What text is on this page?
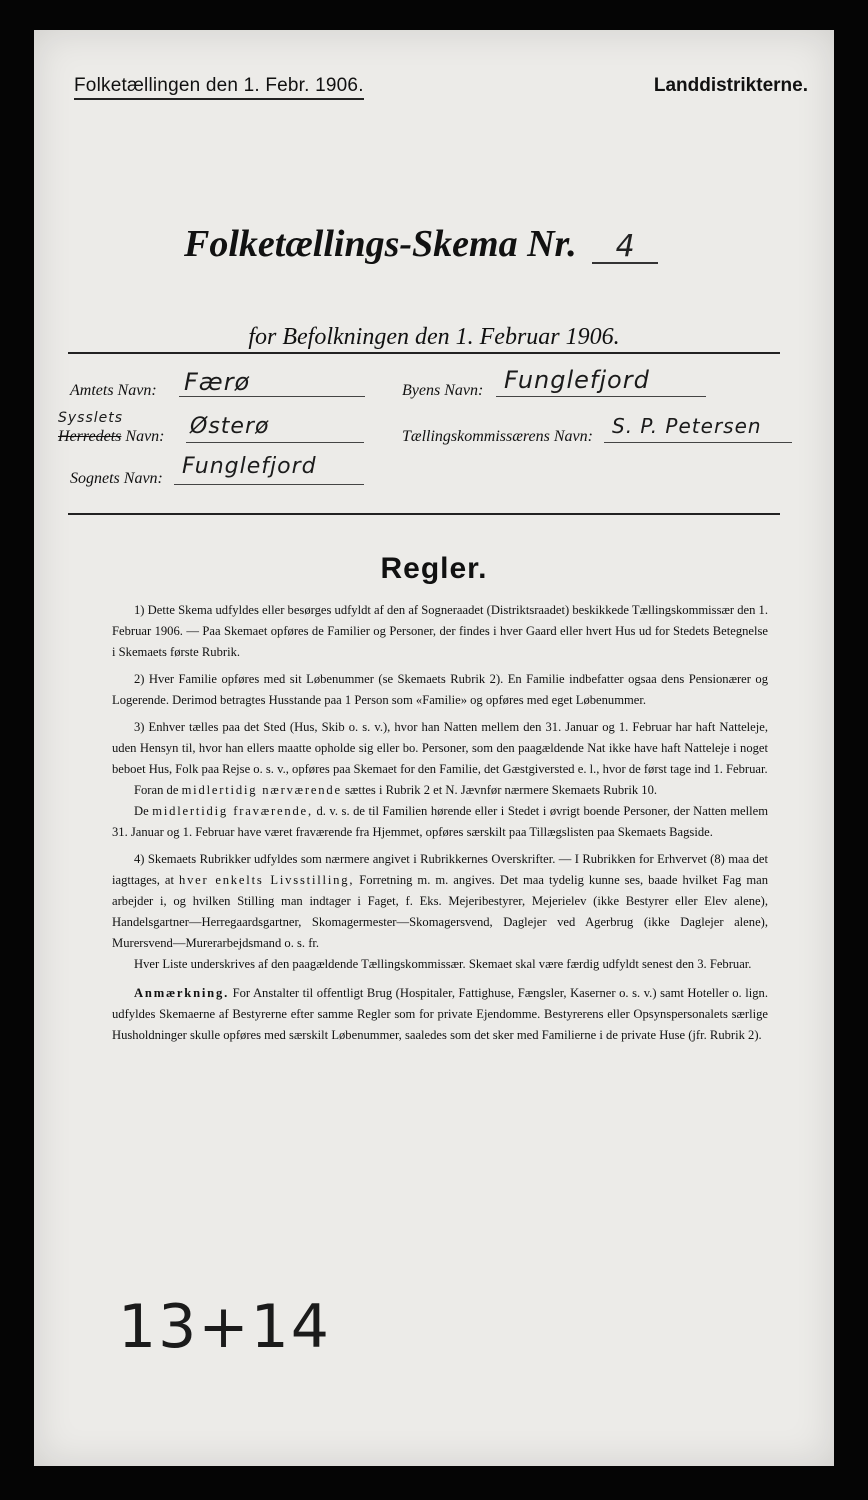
Folketællingen den 1. Febr. 1906.	Landdistrikterne.
Folketællings-Skema Nr. 4
for Befolkningen den 1. Februar 1906.
Amtets Navn: Færø	Byens Navn: Funglefjord
Sysslets
Herredets Navn: Østerø	Tællingskommissærens Navn: S. P. Petersen
Sognets Navn: Funglefjord
Regler.

1) Dette Skema udfyldes eller besørges udfyldt af den af Sogneraadet (Distriktsraadet) beskikkede Tællingskommissær den 1. Februar 1906. — Paa Skemaet opføres de Familier og Personer, der findes i hver Gaard eller hvert Hus ud for Stedets Betegnelse i Skemaets første Rubrik.

2) Hver Familie opføres med sit Løbenummer (se Skemaets Rubrik 2). En Familie indbefatter ogsaa dens Pensionærer og Logerende. Derimod betragtes Husstande paa 1 Person som «Familie» og opføres med eget Løbenummer.

3) Enhver tælles paa det Sted (Hus, Skib o. s. v.), hvor han Natten mellem den 31. Januar og 1. Februar har haft Natteleje, uden Hensyn til, hvor han ellers maatte opholde sig eller bo. Personer, som den paagældende Nat ikke have haft Natteleje i noget beboet Hus, Folk paa Rejse o. s. v., opføres paa Skemaet for den Familie, det Gæstgiversted e. l., hvor de først tage ind 1. Februar.

Foran de midlertidig nærværende sættes i Rubrik 2 et N. Jævnfør nærmere Skemaets Rubrik 10.

De midlertidig fraværende, d. v. s. de til Familien hørende eller i Stedet i øvrigt boende Personer, der Natten mellem 31. Januar og 1. Februar have været fraværende fra Hjemmet, opføres særskilt paa Tillægslisten paa Skemaets Bagside.

4) Skemaets Rubrikker udfyldes som nærmere angivet i Rubrikkernes Overskrifter. — I Rubrikken for Erhvervet (8) maa det iagttages, at hver enkelts Livsstilling, Forretning m. m. angives. Det maa tydelig kunne ses, baade hvilket Fag man arbejder i, og hvilken Stilling man indtager i Faget, f. Eks. Mejeribestyrer, Mejerielev (ikke Bestyrer eller Elev alene), Handelsgartner—Herregaardsgartner, Skomagermester—Skomagersvend, Daglejer ved Agerbrug (ikke Daglejer alene), Murersvend—Murerarbejdsmand o. s. fr.

Hver Liste underskrives af den paagældende Tællingskommissær. Skemaet skal være færdig udfyldt senest den 3. Februar.

Anmærkning. For Anstalter til offentligt Brug (Hospitaler, Fattighuse, Fængsler, Kaserner o. s. v.) samt Hoteller o. lign. udfyldes Skemaerne af Bestyrerne efter samme Regler som for private Ejendomme. Bestyrerens eller Opsynspersonalets særlige Husholdninger skulle opføres med særskilt Løbenummer, saaledes som det sker med Familierne i de private Huse (jfr. Rubrik 2).

13+14
